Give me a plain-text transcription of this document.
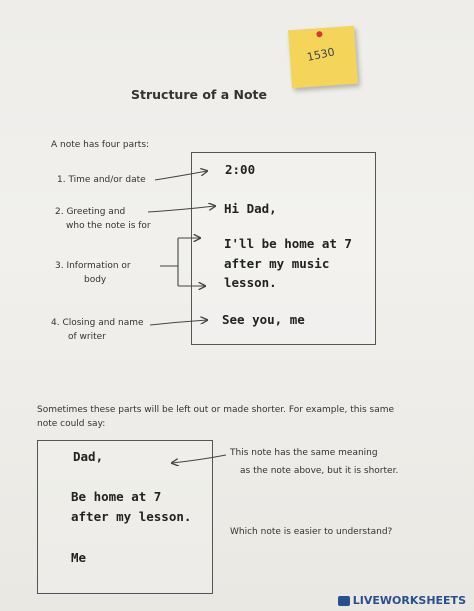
1530
Structure of a Note
A note has four parts:
1. Time and/or date
2. Greeting and
who the note is for
3. Information or
body
4. Closing and name
of writer
2:00
Hi Dad,
I'll be home at 7
after my music
lesson.
See you, me
Sometimes these parts will be left out or made shorter. For example, this same
note could say:
Dad,
Be home at 7
after my lesson.
Me
This note has the same meaning
as the note above, but it is shorter.
Which note is easier to understand?
LIVEWORKSHEETS
